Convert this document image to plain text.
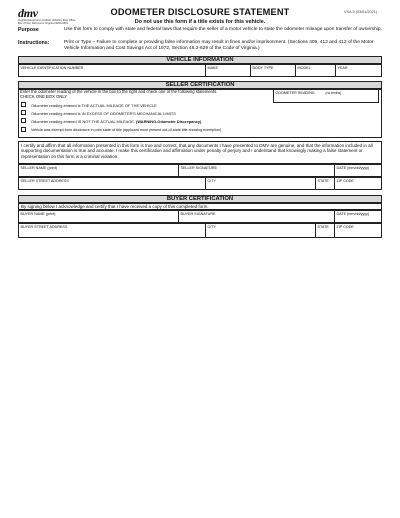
dmv
Virginia Department of Motor Vehicles, Post Office Box 27412, Richmond, Virginia 23269-0001
ODOMETER DISCLOSURE STATEMENT
Do not use this form if a title exists for this vehicle.
VSA 5 (03/01/2021)
Purpose	Use this form to comply with state and federal laws that require the seller of a motor vehicle to state the odometer mileage upon transfer of ownership.
Instructions:	Print or Type – Failure to complete or providing false information may result in fines and/or imprisonment. (Sections 409, 412 and 413 of the Motor Vehicle Information and Cost Savings Act of 1972, Section 46.2-629 of the Code of Virginia.)
VEHICLE INFORMATION
VEHICLE IDENTIFICATION NUMBER	MAKE	BODY TYPE	MODEL	YEAR
SELLER CERTIFICATION
Enter the odometer reading of the vehicle in the box to the right and check one of the following statements.
CHECK ONE BOX ONLY
ODOMETER READING	(no tenths)
Odometer reading entered is THE ACTUAL MILEAGE OF THE VEHICLE
Odometer reading entered is IN EXCESS OF ODOMETER'S MECHANICAL LIMITS
Odometer reading entered IS NOT THE ACTUAL MILEAGE. (WARNING-Odometer Discrepancy)
Vehicle was exempt from disclosure in prior state of title (applicant must present out-of-state title showing exemption)
I certify and affirm that all information presented in this form is true and correct, that any documents I have presented to DMV are genuine, and that the information included in all supporting documentation is true and accurate. I make this certification and affirmation under penalty of perjury and I understand that knowingly making a false statement or representation on this form is a criminal violation.
SELLER NAME (print)	SELLER SIGNATURE	DATE (mm/dd/yyyy)
SELLER STREET ADDRESS	CITY	STATE	ZIP CODE
BUYER CERTIFICATION
By signing below I acknowledge and certify that I have received a copy of this completed form.
BUYER NAME (print)	BUYER SIGNATURE	DATE (mm/dd/yyyy)
BUYER STREET ADDRESS	CITY	STATE	ZIP CODE
